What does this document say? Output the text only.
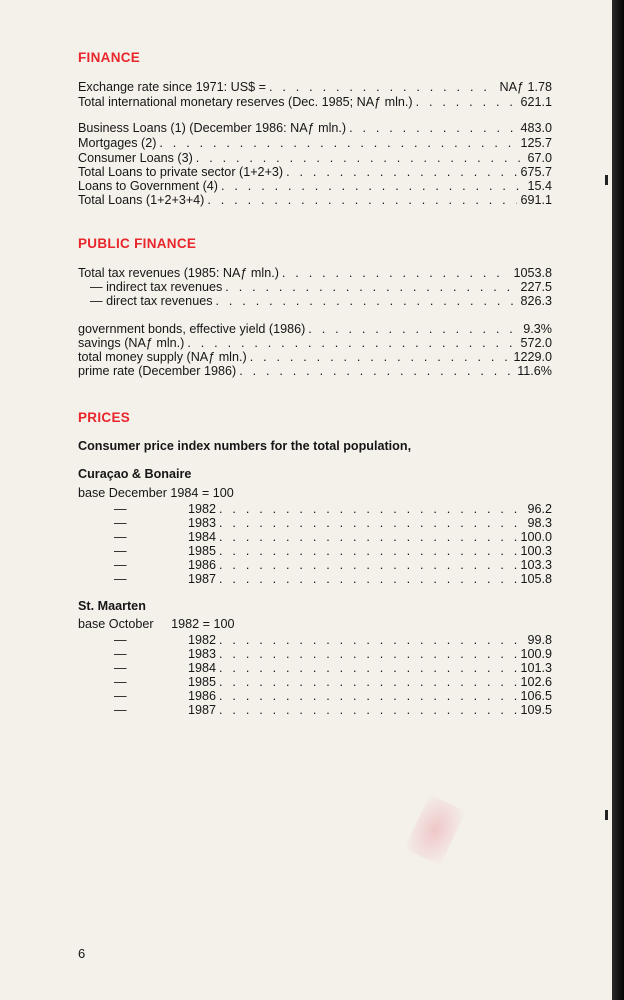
FINANCE
Exchange rate since 1971: US$ = . . .	NAƒ 1.78
Total international monetary reserves (Dec. 1985; NAƒ mln.) . . .	621.1
Business Loans (1) (December 1986: NAƒ mln.) . . .	483.0
Mortgages (2) . . .	125.7
Consumer Loans (3) . . .	67.0
Total Loans to private sector (1+2+3) . . .	675.7
Loans to Government (4) . . .	15.4
Total Loans (1+2+3+4) . . .	691.1
PUBLIC FINANCE
Total tax revenues (1985: NAƒ mln.) . . .	1053.8
— indirect tax revenues . . .	227.5
— direct tax revenues . . .	826.3
government bonds, effective yield (1986) . . .	9.3%
savings (NAƒ mln.) . . .	572.0
total money supply (NAƒ mln.) . . .	1229.0
prime rate (December 1986) . . .	11.6%
PRICES
Consumer price index numbers for the total population,
Curaçao & Bonaire
base December 1984 = 100
—	1982 . . .	96.2
—	1983 . . .	98.3
—	1984 . . .	100.0
—	1985 . . .	100.3
—	1986 . . .	103.3
—	1987 . . .	105.8
St. Maarten
base October     1982 = 100
—	1982 . . .	99.8
—	1983 . . .	100.9
—	1984 . . .	101.3
—	1985 . . .	102.6
—	1986 . . .	106.5
—	1987 . . .	109.5
6
